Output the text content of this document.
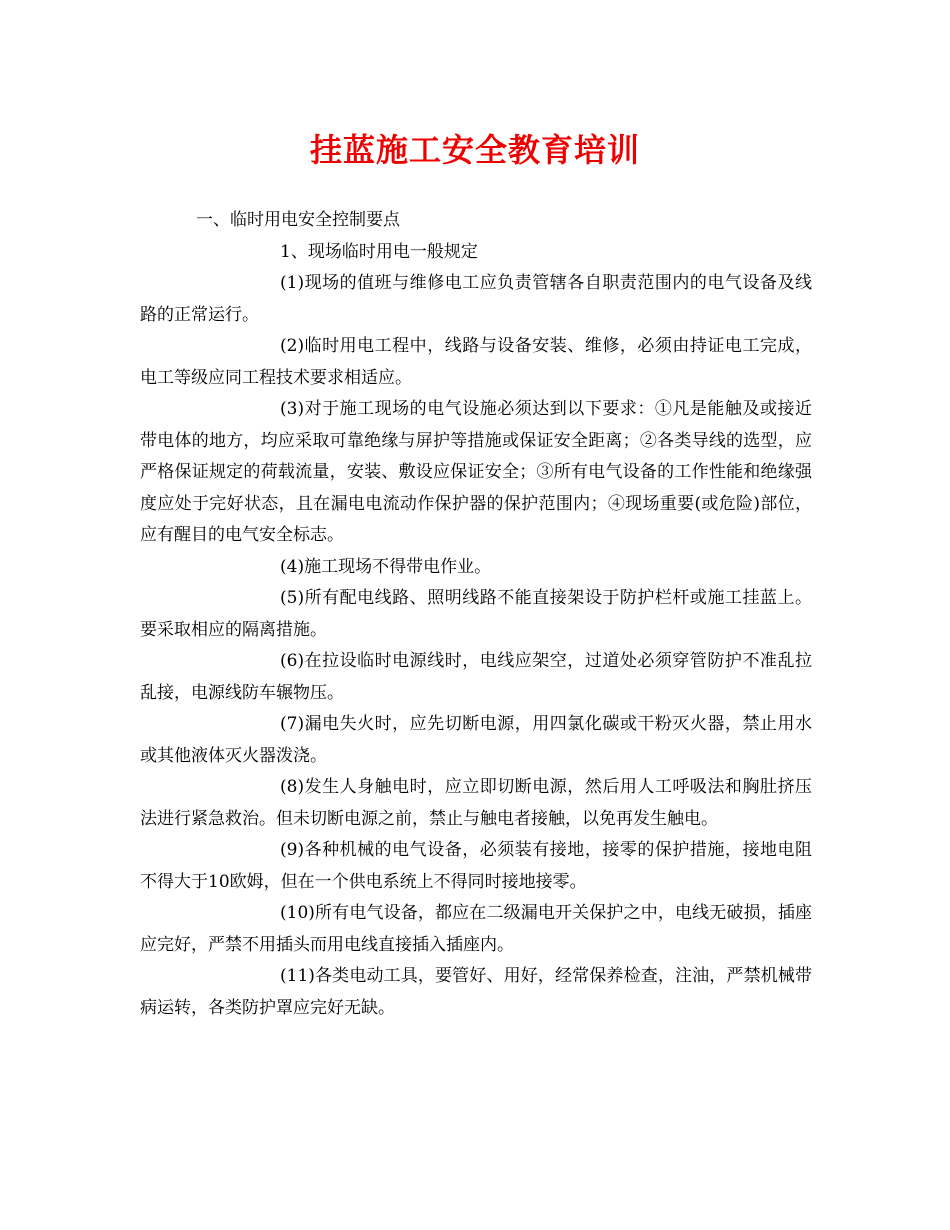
挂蓝施工安全教育培训

一、临时用电安全控制要点

1、现场临时用电一般规定

(1)现场的值班与维修电工应负责管辖各自职责范围内的电气设备及线路的正常运行。

(2)临时用电工程中，线路与设备安装、维修，必须由持证电工完成，电工等级应同工程技术要求相适应。

(3)对于施工现场的电气设施必须达到以下要求：①凡是能触及或接近带电体的地方，均应采取可靠绝缘与屏护等措施或保证安全距离；②各类导线的选型，应严格保证规定的荷载流量，安装、敷设应保证安全；③所有电气设备的工作性能和绝缘强度应处于完好状态，且在漏电电流动作保护器的保护范围内；④现场重要(或危险)部位，应有醒目的电气安全标志。

(4)施工现场不得带电作业。

(5)所有配电线路、照明线路不能直接架设于防护栏杆或施工挂蓝上。要采取相应的隔离措施。

(6)在拉设临时电源线时，电线应架空，过道处必须穿管防护不准乱拉乱接，电源线防车辗物压。

(7)漏电失火时，应先切断电源，用四氯化碳或干粉灭火器，禁止用水或其他液体灭火器泼浇。

(8)发生人身触电时，应立即切断电源，然后用人工呼吸法和胸肚挤压法进行紧急救治。但未切断电源之前，禁止与触电者接触，以免再发生触电。

(9)各种机械的电气设备，必须装有接地，接零的保护措施，接地电阻不得大于10欧姆，但在一个供电系统上不得同时接地接零。

(10)所有电气设备，都应在二级漏电开关保护之中，电线无破损，插座应完好，严禁不用插头而用电线直接插入插座内。

(11)各类电动工具，要管好、用好，经常保养检查，注油，严禁机械带病运转，各类防护罩应完好无缺。
